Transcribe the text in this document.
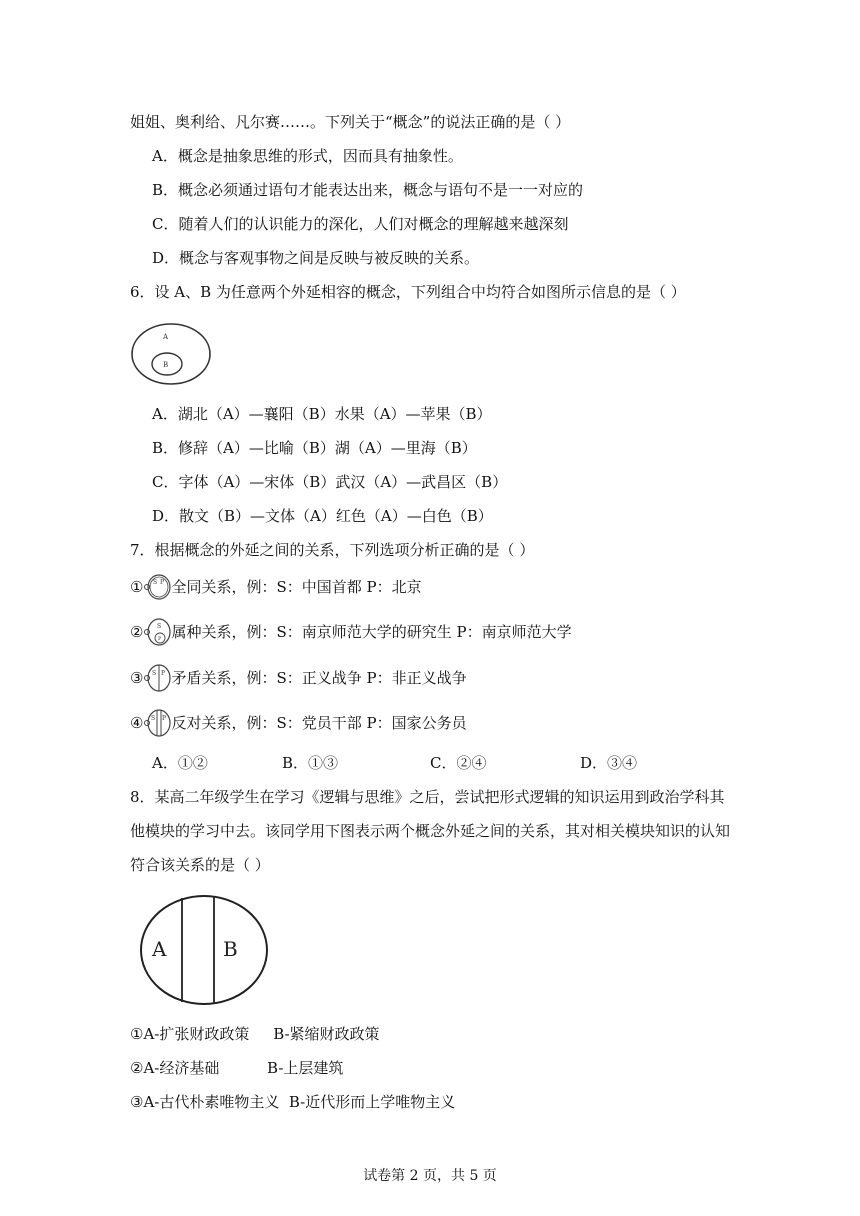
姐姐、奥利给、凡尔赛……。下列关于“概念”的说法正确的是（ ）
A．概念是抽象思维的形式，因而具有抽象性。
B．概念必须通过语句才能表达出来，概念与语句不是一一对应的
C．随着人们的认识能力的深化，人们对概念的理解越来越深刻
D．概念与客观事物之间是反映与被反映的关系。
6．设 A、B 为任意两个外延相容的概念，下列组合中均符合如图所示信息的是（ ）
A
B
A．湖北（A）—襄阳（B）水果（A）—苹果（B）
B．修辞（A）—比喻（B）湖（A）—里海（B）
C．字体（A）—宋体（B）武汉（A）—武昌区（B）
D．散文（B）—文体（A）红色（A）—白色（B）
7．根据概念的外延之间的关系，下列选项分析正确的是（ ）
① S P 全同关系，例：S：中国首都 P：北京
② S
P 属种关系，例：S：南京师范大学的研究生 P：南京师范大学
③ S P 矛盾关系，例：S：正义战争 P：非正义战争
④ S P 反对关系，例：S：党员干部 P：国家公务员
A．①②	B．①③	C．②④	D．③④
8．某高二年级学生在学习《逻辑与思维》之后，尝试把形式逻辑的知识运用到政治学科其
他模块的学习中去。该同学用下图表示两个概念外延之间的关系，其对相关模块知识的认知
符合该关系的是（ ）
A	B
①A-扩张财政政策     B-紧缩财政政策
②A-经济基础          B-上层建筑
③A-古代朴素唯物主义  B-近代形而上学唯物主义
试卷第 2 页，共 5 页
